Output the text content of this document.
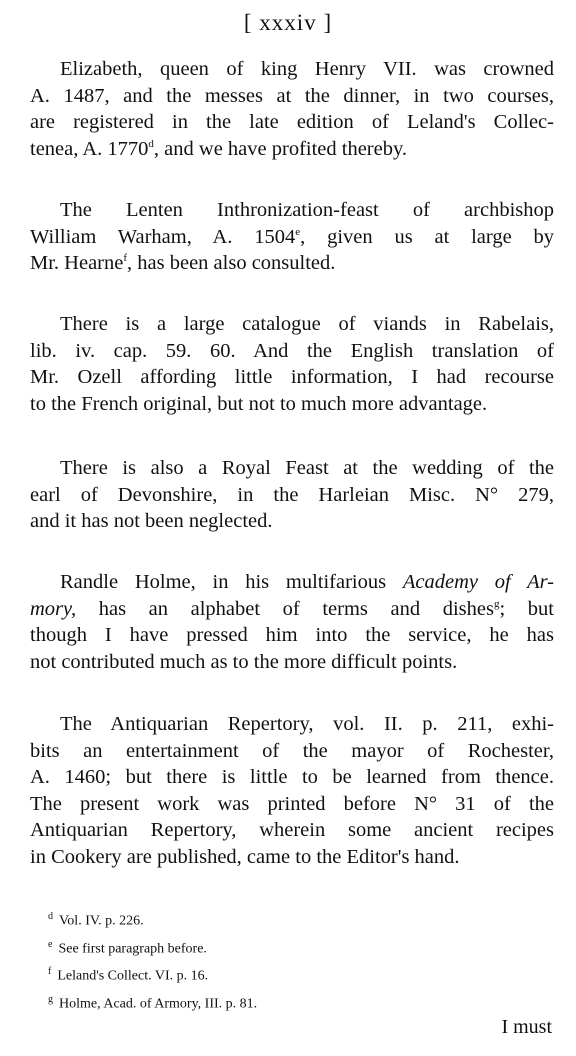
[ xxxiv ]
Elizabeth, queen of king Henry VII. was crowned
A. 1487, and the messes at the dinner, in two courses,
are registered in the late edition of Leland's Collec-
tenea, A. 1770$^d$, and we have profited thereby.
The Lenten Inthronization-feast of archbishop
William Warham, A. 1504e, given us at large by
Mr. Hearne$^f$, has been also consulted.
There is a large catalogue of viands in Rabelais,
lib. iv. cap. 59. 60. And the English translation of
Mr. Ozell affording little information, I had recourse
to the French original, but not to much more advantage.
There is also a Royal Feast at the wedding of the
earl of Devonshire, in the Harleian Misc. N° 279,
and it has not been neglected.
Randle Holme, in his multifarious Academy of Ar-
mory, has an alphabet of terms and dishes$^g$; but
though I have pressed him into the service, he has
not contributed much as to the more difficult points.
The Antiquarian Repertory, vol. II. p. 211, exhi-
bits an entertainment of the mayor of Rochester,
A. 1460; but there is little to be learned from thence.
The present work was printed before N° 31 of the
Antiquarian Repertory, wherein some ancient recipes
in Cookery are published, came to the Editor's hand.
$^d$ Vol. IV. p. 226.
$^e$ See first paragraph before.
$^f$ Leland's Collect. VI. p. 16.
$^g$ Holme, Acad. of Armory, III. p. 81.
I must
